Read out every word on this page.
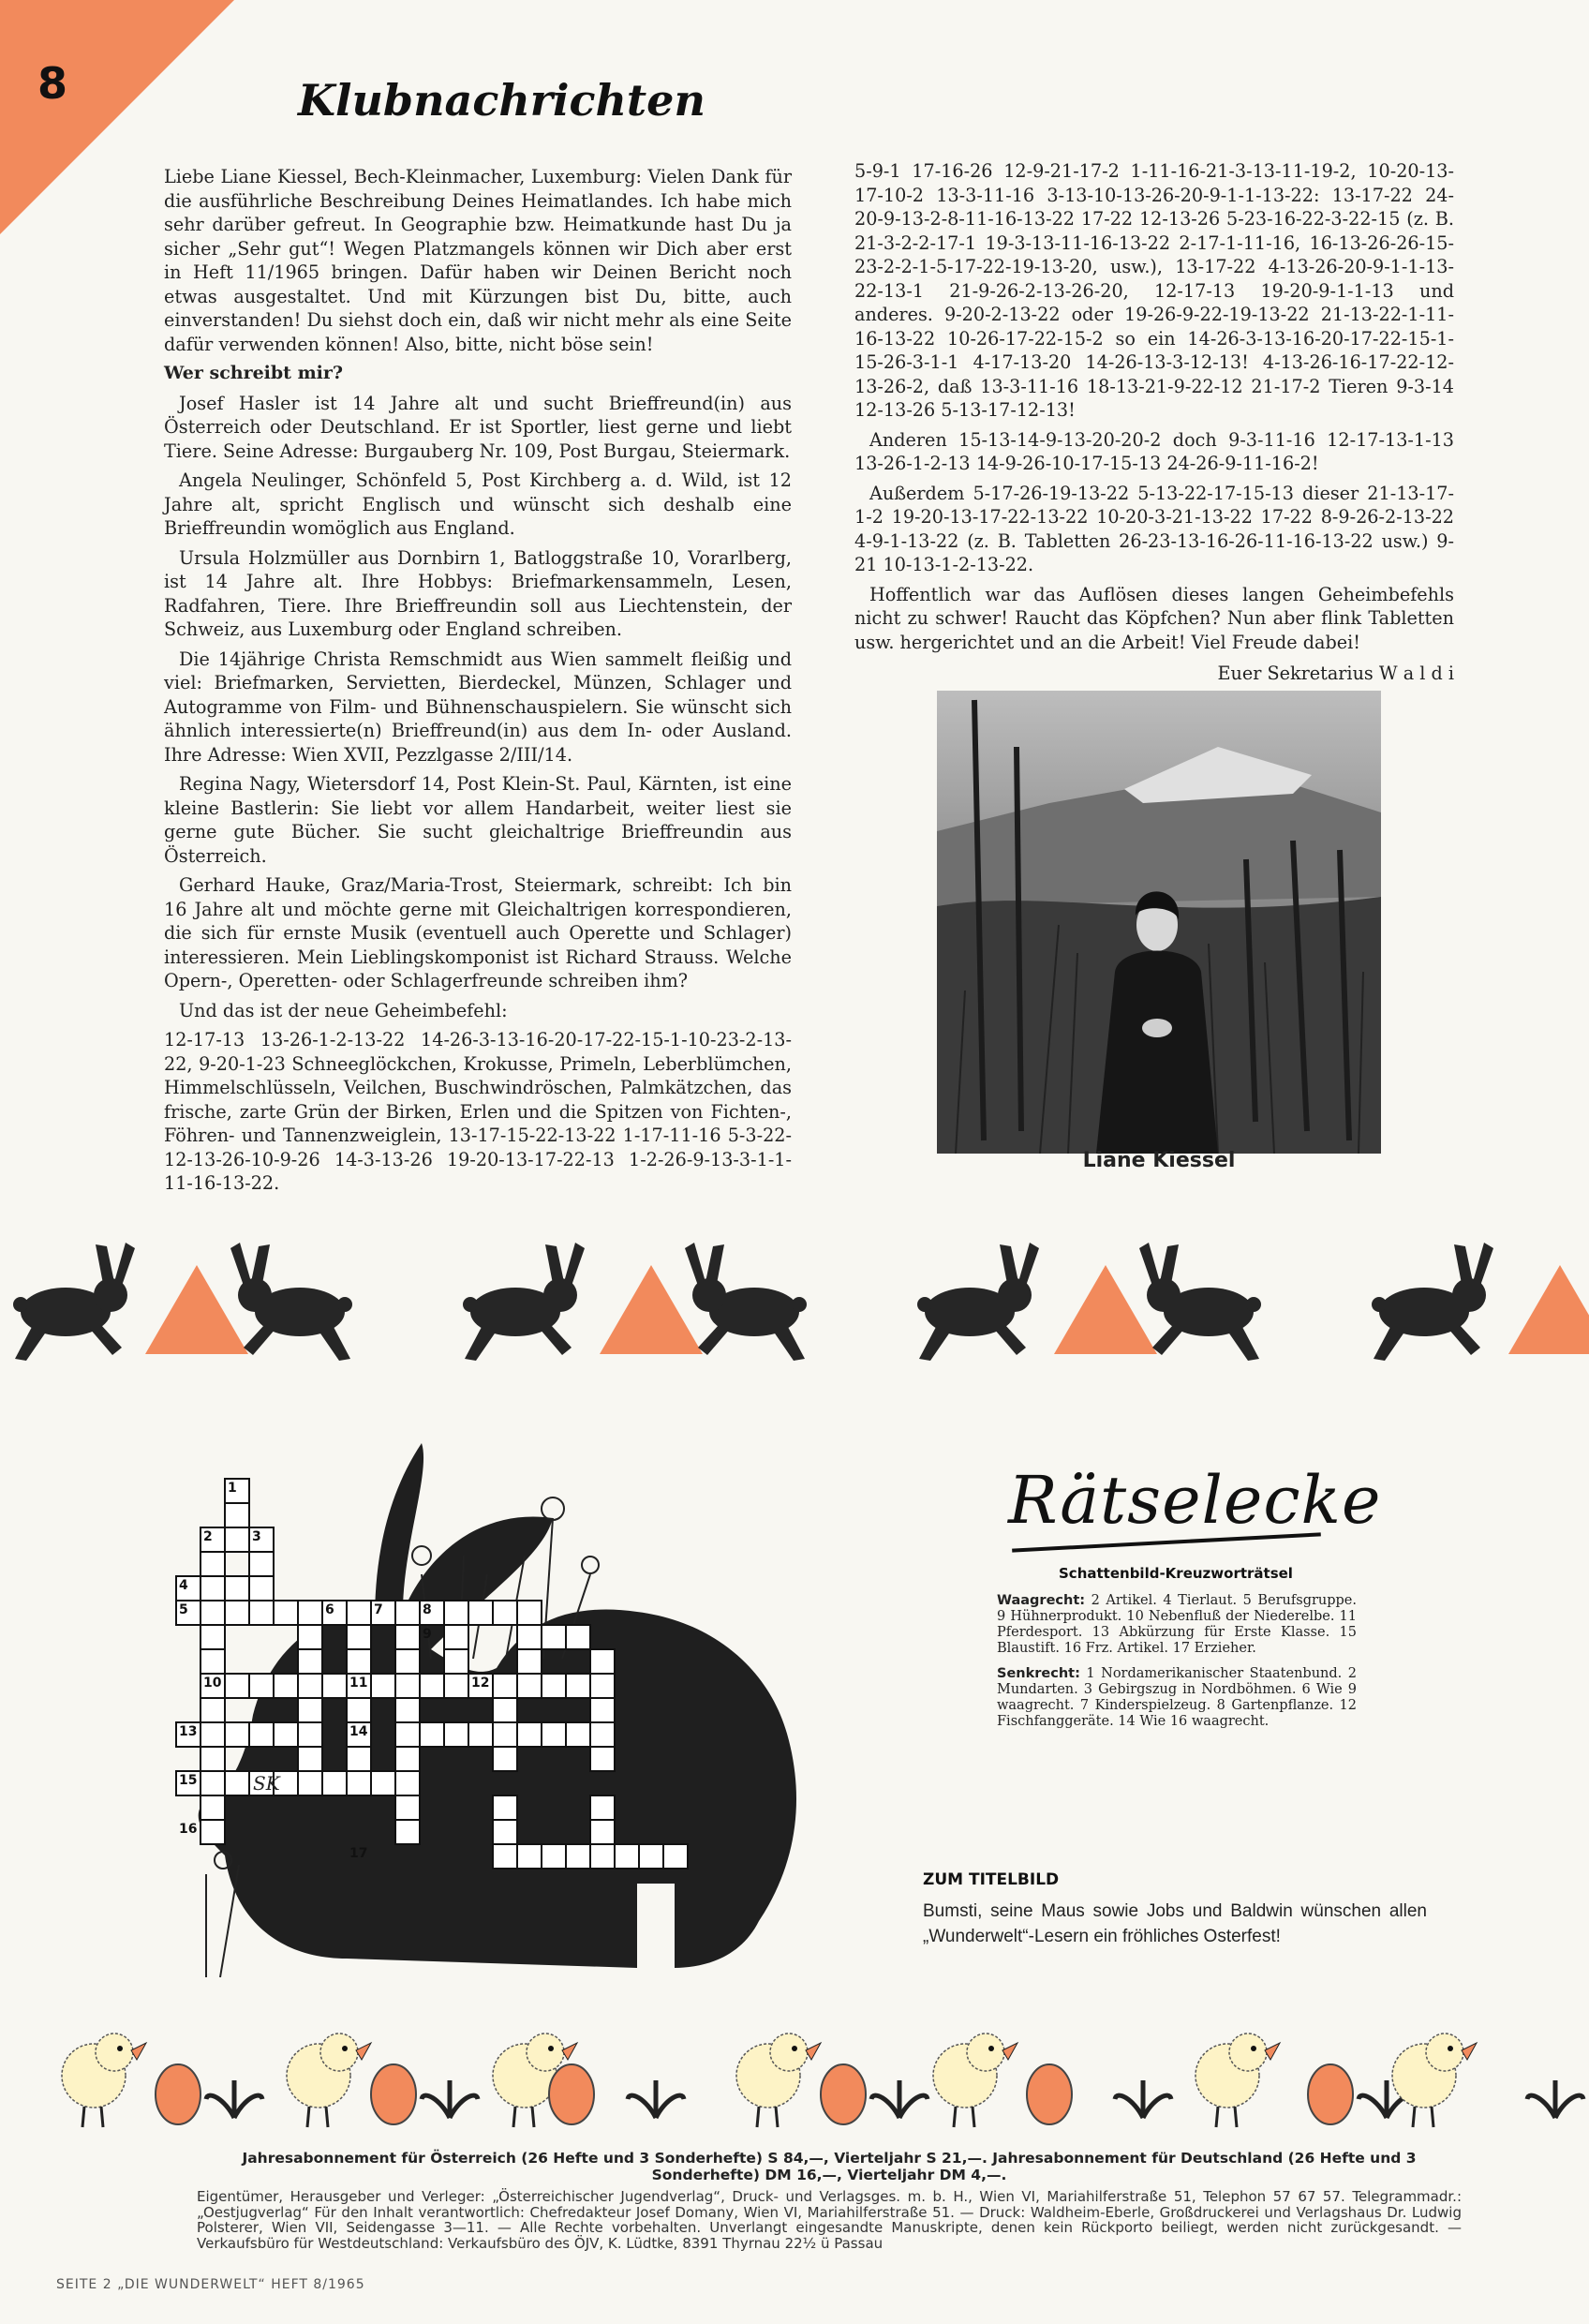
8	Klubnachrichten

Liebe Liane Kiessel, Bech-Kleinmacher, Luxemburg: Vielen Dank für die ausführliche Beschreibung Deines Heimatlandes. Ich habe mich sehr darüber gefreut. In Geographie bzw. Heimatkunde hast Du ja sicher „Sehr gut“! Wegen Platzmangels können wir Dich aber erst in Heft 11/1965 bringen. Dafür haben wir Deinen Bericht noch etwas ausgestaltet. Und mit Kürzungen bist Du, bitte, auch einverstanden! Du siehst doch ein, daß wir nicht mehr als eine Seite dafür verwenden können! Also, bitte, nicht böse sein!

Wer schreibt mir?

Josef Hasler ist 14 Jahre alt und sucht Brieffreund(in) aus Österreich oder Deutschland. Er ist Sportler, liest gerne und liebt Tiere. Seine Adresse: Burgauberg Nr. 109, Post Burgau, Steiermark.

Angela Neulinger, Schönfeld 5, Post Kirchberg a. d. Wild, ist 12 Jahre alt, spricht Englisch und wünscht sich deshalb eine Brieffreundin womöglich aus England.

Ursula Holzmüller aus Dornbirn 1, Batloggstraße 10, Vorarlberg, ist 14 Jahre alt. Ihre Hobbys: Briefmarkensammeln, Lesen, Radfahren, Tiere. Ihre Brieffreundin soll aus Liechtenstein, der Schweiz, aus Luxemburg oder England schreiben.

Die 14jährige Christa Remschmidt aus Wien sammelt fleißig und viel: Briefmarken, Servietten, Bierdeckel, Münzen, Schlager und Autogramme von Film- und Bühnenschauspielern. Sie wünscht sich ähnlich interessierte(n) Brieffreund(in) aus dem In- oder Ausland. Ihre Adresse: Wien XVII, Pezzlgasse 2/III/14.

Regina Nagy, Wietersdorf 14, Post Klein-St. Paul, Kärnten, ist eine kleine Bastlerin: Sie liebt vor allem Handarbeit, weiter liest sie gerne gute Bücher. Sie sucht gleichaltrige Brieffreundin aus Österreich.

Gerhard Hauke, Graz/Maria-Trost, Steiermark, schreibt: Ich bin 16 Jahre alt und möchte gerne mit Gleichaltrigen korrespondieren, die sich für ernste Musik (eventuell auch Operette und Schlager) interessieren. Mein Lieblingskomponist ist Richard Strauss. Welche Opern-, Operetten- oder Schlagerfreunde schreiben ihm?

Und das ist der neue Geheimbefehl:

12-17-13 13-26-1-2-13-22 14-26-3-13-16-20-17-22-15-1-10-23-2-13-22, 9-20-1-23 Schneeglöckchen, Krokusse, Primeln, Leberblümchen, Himmelschlüsseln, Veilchen, Buschwindröschen, Palmkätzchen, das frische, zarte Grün der Birken, Erlen und die Spitzen von Fichten-, Föhren- und Tannenzweiglein, 13-17-15-22-13-22 1-17-11-16 5-3-22-12-13-26-10-9-26 14-3-13-26 19-20-13-17-22-13 1-2-26-9-13-3-1-1-11-16-13-22.

5-9-1 17-16-26 12-9-21-17-2 1-11-16-21-3-13-11-19-2, 10-20-13-17-10-2 13-3-11-16 3-13-10-13-26-20-9-1-1-13-22: 13-17-22 24-20-9-13-2-8-11-16-13-22 17-22 12-13-26 5-23-16-22-3-22-15 (z. B. 21-3-2-2-17-1 19-3-13-11-16-13-22 2-17-1-11-16, 16-13-26-26-15-23-2-2-1-5-17-22-19-13-20, usw.), 13-17-22 4-13-26-20-9-1-1-13-22-13-1 21-9-26-2-13-26-20, 12-17-13 19-20-9-1-1-13 und anderes. 9-20-2-13-22 oder 19-26-9-22-19-13-22 21-13-22-1-11-16-13-22 10-26-17-22-15-2 so ein 14-26-3-13-16-20-17-22-15-1-15-26-3-1-1 4-17-13-20 14-26-13-3-12-13! 4-13-26-16-17-22-12-13-26-2, daß 13-3-11-16 18-13-21-9-22-12 21-17-2 Tieren 9-3-14 12-13-26 5-13-17-12-13!

Anderen 15-13-14-9-13-20-20-2 doch 9-3-11-16 12-17-13-1-13 13-26-1-2-13 14-9-26-10-17-15-13 24-26-9-11-16-2!

Außerdem 5-17-26-19-13-22 5-13-22-17-15-13 dieser 21-13-17-1-2 19-20-13-17-22-13-22 10-20-3-21-13-22 17-22 8-9-26-2-13-22 4-9-1-13-22 (z. B. Tabletten 26-23-13-16-26-11-16-13-22 usw.) 9-21 10-13-1-2-13-22.

Hoffentlich war das Auflösen dieses langen Geheimbefehls nicht zu schwer! Raucht das Köpfchen? Nun aber flink Tabletten usw. hergerichtet und an die Arbeit! Viel Freude dabei!

Euer Sekretarius W a l d i
Liane Kiessel
1
2	3
4
5	6	7	8
9
10	11	12
13	14
15
16
17
SK
Rätselecke
Schattenbild-Kreuzworträtsel

Waagrecht: 2 Artikel. 4 Tierlaut. 5 Berufsgruppe. 9 Hühnerprodukt. 10 Nebenfluß der Niederelbe. 11 Pferdesport. 13 Abkürzung für Erste Klasse. 15 Blaustift. 16 Frz. Artikel. 17 Erzieher.

Senkrecht: 1 Nordamerikanischer Staatenbund. 2 Mundarten. 3 Gebirgszug in Nordböhmen. 6 Wie 9 waagrecht. 7 Kinderspielzeug. 8 Gartenpflanze. 12 Fischfanggeräte. 14 Wie 16 waagrecht.

ZUM TITELBILD
Bumsti, seine Maus sowie Jobs und Baldwin wünschen allen „Wunderwelt“-Lesern ein fröhliches Osterfest!
Jahresabonnement für Österreich (26 Hefte und 3 Sonderhefte) S 84,—, Vierteljahr S 21,—. Jahresabonnement für Deutschland (26 Hefte und 3 Sonderhefte) DM 16,—, Vierteljahr DM 4,—.
Eigentümer, Herausgeber und Verleger: „Österreichischer Jugendverlag“, Druck- und Verlagsges. m. b. H., Wien VI, Mariahilferstraße 51, Telephon 57 67 57. Telegrammadr.: „Oestjugverlag“ Für den Inhalt verantwortlich: Chefredakteur Josef Domany, Wien VI, Mariahilferstraße 51. — Druck: Waldheim-Eberle, Großdruckerei und Verlagshaus Dr. Ludwig Polsterer, Wien VII, Seidengasse 3—11. — Alle Rechte vorbehalten. Unverlangt eingesandte Manuskripte, denen kein Rückporto beiliegt, werden nicht zurückgesandt. — Verkaufsbüro für Westdeutschland: Verkaufsbüro des ÖJV, K. Lüdtke, 8391 Thyrnau 22½ ü Passau
SEITE 2 „DIE WUNDERWELT“ HEFT 8/1965
